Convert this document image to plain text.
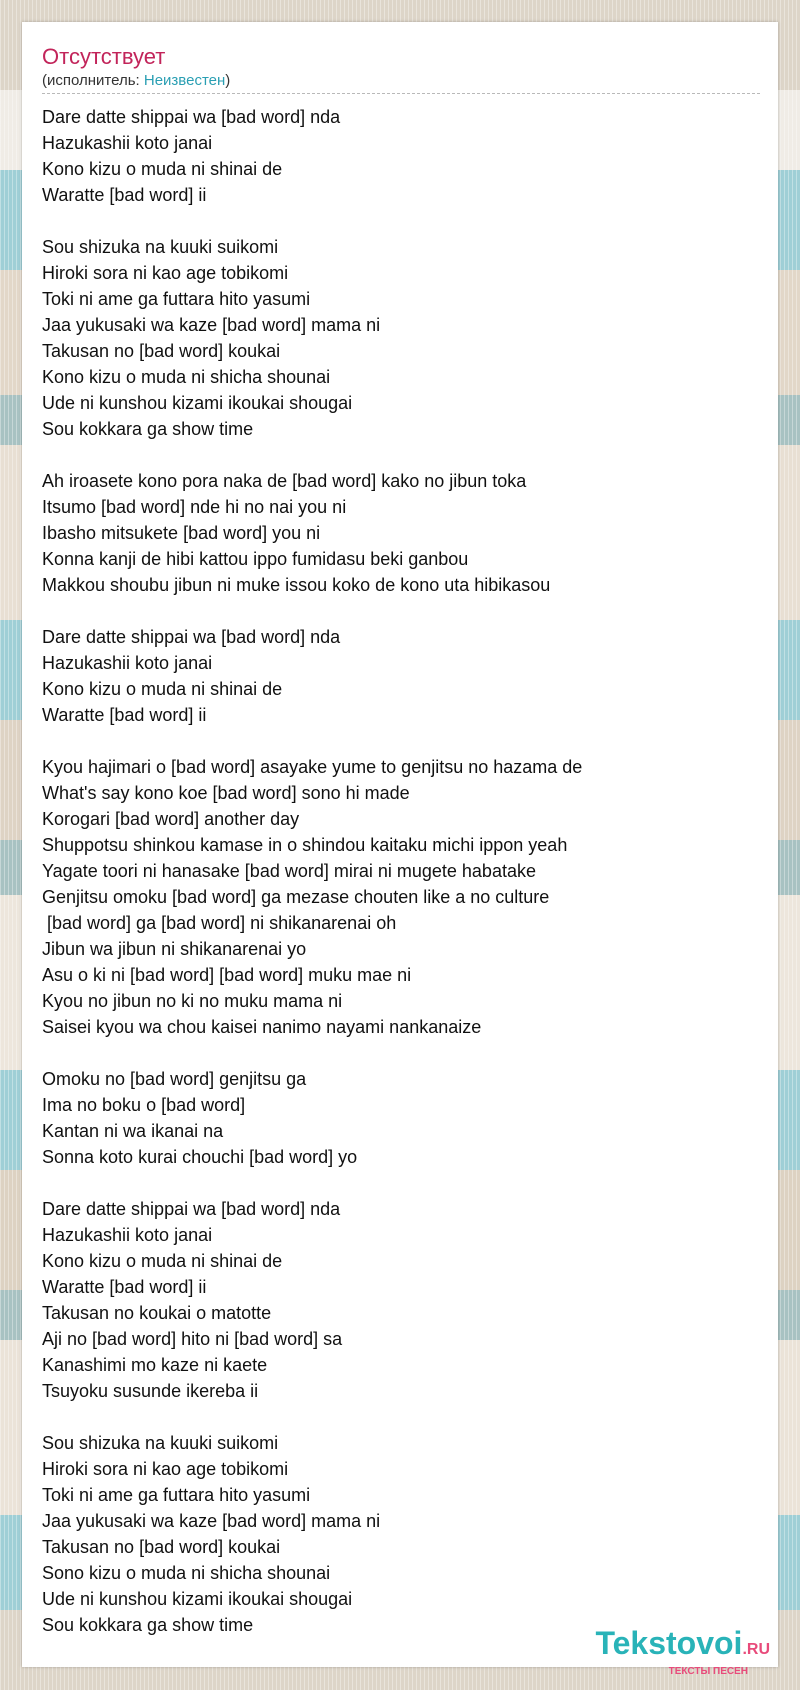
Отсутствует
(исполнитель: Неизвестен)
Dare datte shippai wa [bad word] nda
Hazukashii koto janai
Kono kizu o muda ni shinai de
Waratte [bad word] ii
Sou shizuka na kuuki suikomi
Hiroki sora ni kao age tobikomi
Toki ni ame ga futtara hito yasumi
Jaa yukusaki wa kaze [bad word] mama ni
Takusan no [bad word] koukai
Kono kizu o muda ni shicha shounai
Ude ni kunshou kizami ikoukai shougai
Sou kokkara ga show time
Ah iroasete kono pora naka de [bad word] kako no jibun toka
Itsumo [bad word] nde hi no nai you ni
Ibasho mitsukete [bad word] you ni
Konna kanji de hibi kattou ippo fumidasu beki ganbou
Makkou shoubu jibun ni muke issou koko de kono uta hibikasou
Dare datte shippai wa [bad word] nda
Hazukashii koto janai
Kono kizu o muda ni shinai de
Waratte [bad word] ii
Kyou hajimari o [bad word] asayake yume to genjitsu no hazama de
What's say kono koe [bad word] sono hi made
Korogari [bad word] another day
Shuppotsu shinkou kamase in o shindou kaitaku michi ippon yeah
Yagate toori ni hanasake [bad word] mirai ni mugete habatake
Genjitsu omoku [bad word] ga mezase chouten like a no culture
[bad word] ga [bad word] ni shikanarenai oh
Jibun wa jibun ni shikanarenai yo
Asu o ki ni [bad word] [bad word] muku mae ni
Kyou no jibun no ki no muku mama ni
Saisei kyou wa chou kaisei nanimo nayami nankanaize
Omoku no [bad word] genjitsu ga
Ima no boku o [bad word]
Kantan ni wa ikanai na
Sonna koto kurai chouchi [bad word] yo
Dare datte shippai wa [bad word] nda
Hazukashii koto janai
Kono kizu o muda ni shinai de
Waratte [bad word] ii
Takusan no koukai o matotte
Aji no [bad word] hito ni [bad word] sa
Kanashimi mo kaze ni kaete
Tsuyoku susunde ikereba ii
Sou shizuka na kuuki suikomi
Hiroki sora ni kao age tobikomi
Toki ni ame ga futtara hito yasumi
Jaa yukusaki wa kaze [bad word] mama ni
Takusan no [bad word] koukai
Sono kizu o muda ni shicha shounai
Ude ni kunshou kizami ikoukai shougai
Sou kokkara ga show time	Tekstovoi.RU
ТЕКСТЫ ПЕСЕН
